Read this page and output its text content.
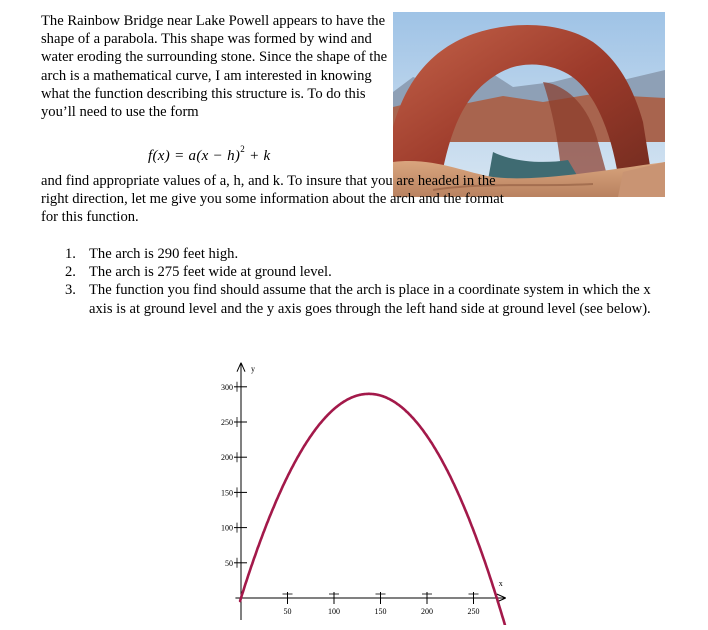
The Rainbow Bridge near Lake Powell appears to have the shape of a parabola. This shape was formed by wind and water eroding the surrounding stone. Since the shape of the arch is a mathematical curve, I am interested in knowing what the function describing this structure is. To do this you’ll need to use the form

$f(x) = a(x - h)^2 + k$
and find appropriate values of a, h, and k. To insure that you are headed in the right direction, let me give you some information about the arch and the format for this function.
1. The arch is 290 feet high.
2. The arch is 275 feet wide at ground level.
3. The function you find should assume that the arch is place in a coordinate system in which the x axis is at ground level and the y axis goes through the left hand side at ground level (see below).
y
x
50	100	150	200	250
50
100
150
200
250
300
